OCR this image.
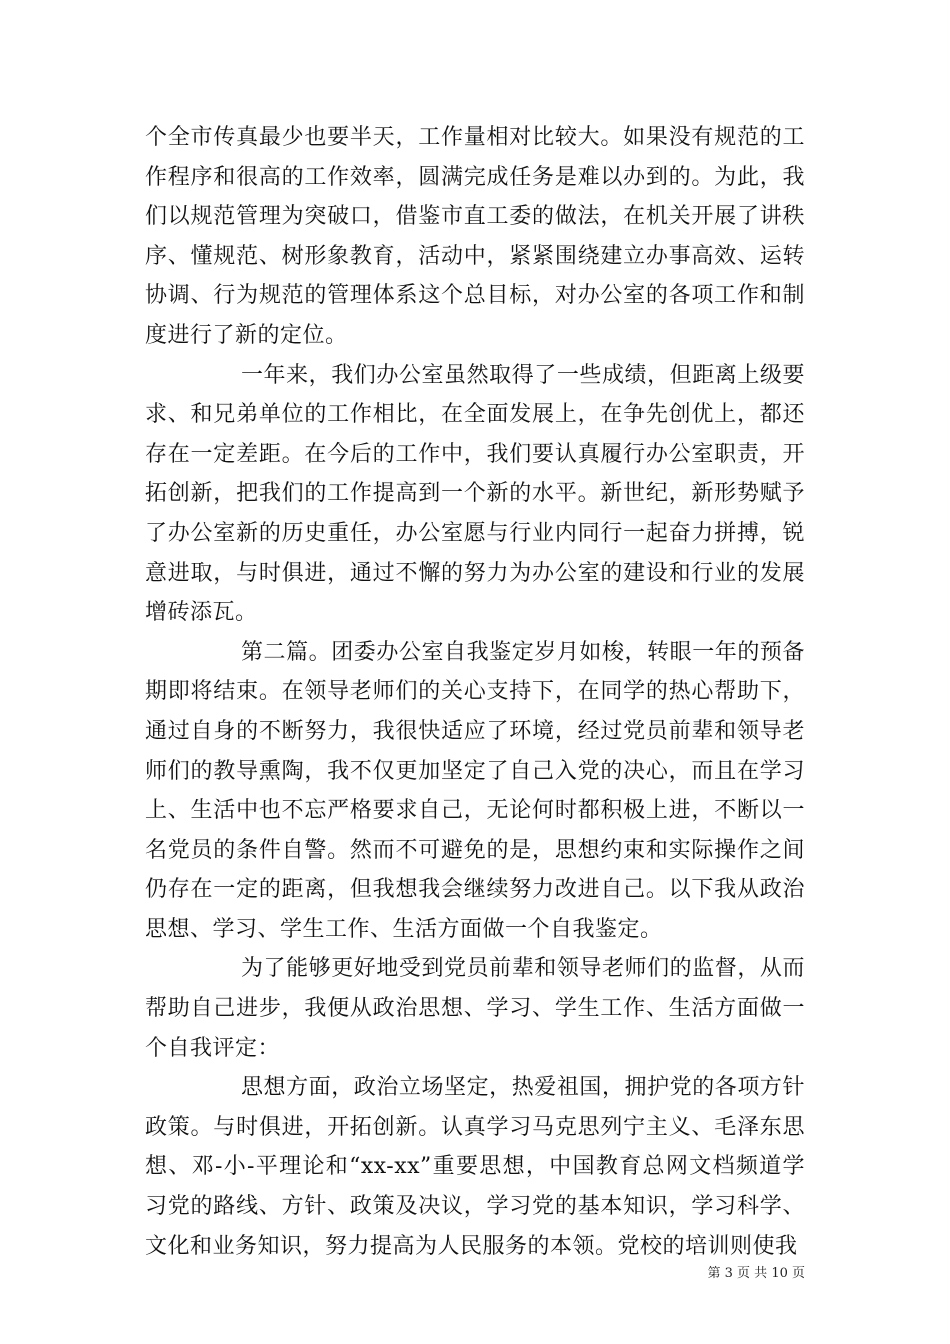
个全市传真最少也要半天，工作量相对比较大。如果没有规范的工作程序和很高的工作效率，圆满完成任务是难以办到的。为此，我们以规范管理为突破口，借鉴市直工委的做法，在机关开展了讲秩序、懂规范、树形象教育，活动中，紧紧围绕建立办事高效、运转协调、行为规范的管理体系这个总目标，对办公室的各项工作和制度进行了新的定位。

一年来，我们办公室虽然取得了一些成绩，但距离上级要求、和兄弟单位的工作相比，在全面发展上，在争先创优上，都还存在一定差距。在今后的工作中，我们要认真履行办公室职责，开拓创新，把我们的工作提高到一个新的水平。新世纪，新形势赋予了办公室新的历史重任，办公室愿与行业内同行一起奋力拼搏，锐意进取，与时俱进，通过不懈的努力为办公室的建设和行业的发展增砖添瓦。

第二篇。团委办公室自我鉴定岁月如梭，转眼一年的预备期即将结束。在领导老师们的关心支持下，在同学的热心帮助下，通过自身的不断努力，我很快适应了环境，经过党员前辈和领导老师们的教导熏陶，我不仅更加坚定了自己入党的决心，而且在学习上、生活中也不忘严格要求自己，无论何时都积极上进，不断以一名党员的条件自警。然而不可避免的是，思想约束和实际操作之间仍存在一定的距离，但我想我会继续努力改进自己。以下我从政治思想、学习、学生工作、生活方面做一个自我鉴定。

为了能够更好地受到党员前辈和领导老师们的监督，从而帮助自己进步，我便从政治思想、学习、学生工作、生活方面做一个自我评定：

思想方面，政治立场坚定，热爱祖国，拥护党的各项方针政策。与时俱进，开拓创新。认真学习马克思列宁主义、毛泽东思想、邓-小-平理论和“xx-xx”重要思想，中国教育总网文档频道学习党的路线、方针、政策及决议，学习党的基本知识，学习科学、文化和业务知识，努力提高为人民服务的本领。党校的培训则使我

第 3 页 共 10 页
